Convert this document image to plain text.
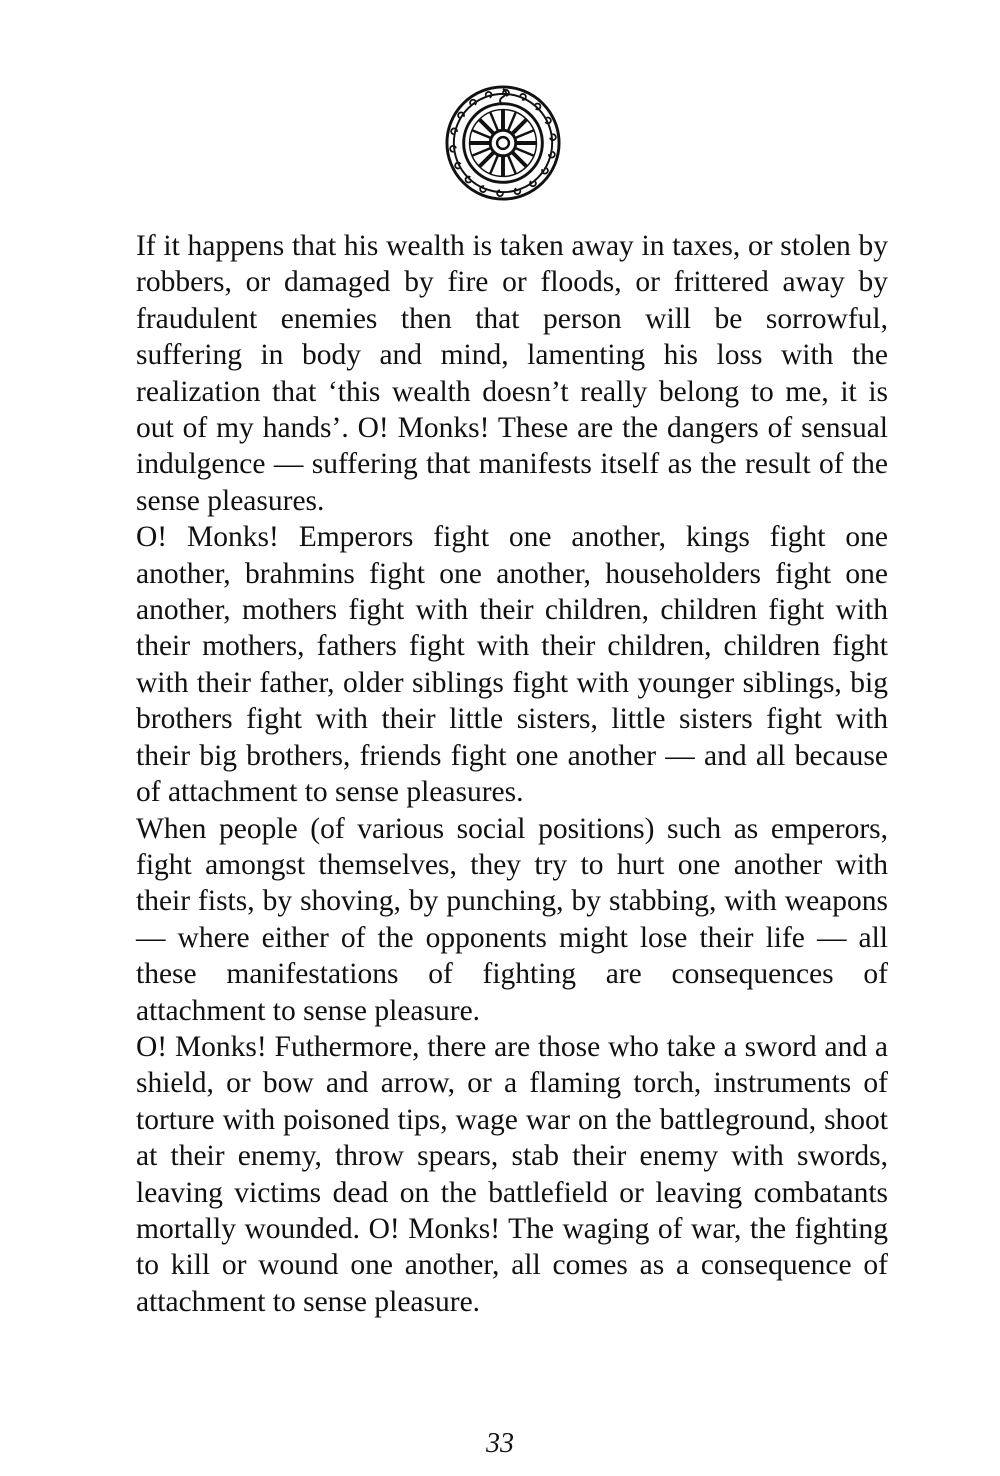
If it happens that his wealth is taken away in taxes, or stolen by robbers, or damaged by fire or floods, or frittered away by fraudulent enemies then that person will be sorrowful, suffering in body and mind, lamenting his loss with the realization that ‘this wealth doesn’t really belong to me, it is out of my hands’. O! Monks! These are the dangers of sensual indulgence — suffering that manifests itself as the result of the sense pleasures.

O! Monks! Emperors fight one another, kings fight one another, brahmins fight one another, householders fight one another, mothers fight with their children, children fight with their mothers, fathers fight with their children, children fight with their father, older siblings fight with younger siblings, big brothers fight with their little sisters, little sisters fight with their big brothers, friends fight one another — and all because of attachment to sense pleasures.

When people (of various social positions) such as emperors, fight amongst themselves, they try to hurt one another with their fists, by shoving, by punching, by stabbing, with weapons — where either of the opponents might lose their life — all these manifestations of fighting are consequences of attachment to sense pleasure.

O! Monks! Futhermore, there are those who take a sword and a shield, or bow and arrow, or a flaming torch, instruments of torture with poisoned tips, wage war on the battleground, shoot at their enemy, throw spears, stab their enemy with swords, leaving victims dead on the battlefield or leaving combatants mortally wounded. O! Monks! The waging of war, the fighting to kill or wound one another, all comes as a consequence of attachment to sense pleasure.

33
